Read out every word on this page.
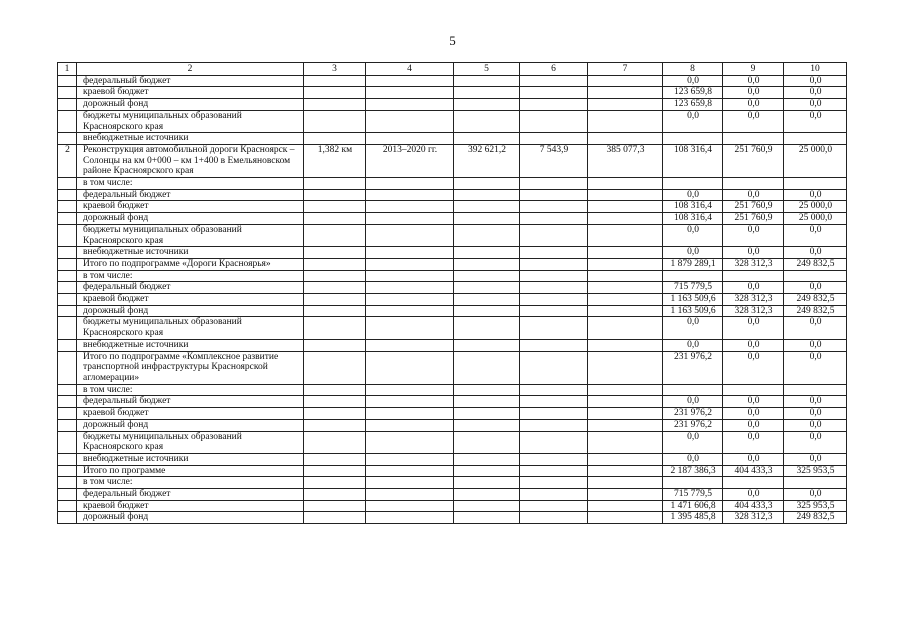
5
1	2	3	4	5	6	7	8	9	10
	федеральный бюджет						0,0	0,0	0,0
	краевой бюджет						123 659,8	0,0	0,0
	дорожный фонд						123 659,8	0,0	0,0
	бюджеты муниципальных образований Красноярского края						0,0	0,0	0,0
	внебюджетные источники								
2	Реконструкция автомобильной дороги Красноярск – Солонцы на км 0+000 – км 1+400 в Емельяновском районе Красноярского края	1,382 км	2013–2020 гг.	392 621,2	7 543,9	385 077,3	108 316,4	251 760,9	25 000,0
	в том числе:								
	федеральный бюджет						0,0	0,0	0,0
	краевой бюджет						108 316,4	251 760,9	25 000,0
	дорожный фонд						108 316,4	251 760,9	25 000,0
	бюджеты муниципальных образований Красноярского края						0,0	0,0	0,0
	внебюджетные источники						0,0	0,0	0,0
	Итого по подпрограмме «Дороги Красноярья»						1 879 289,1	328 312,3	249 832,5
	в том числе:								
	федеральный бюджет						715 779,5	0,0	0,0
	краевой бюджет						1 163 509,6	328 312,3	249 832,5
	дорожный фонд						1 163 509,6	328 312,3	249 832,5
	бюджеты муниципальных образований Красноярского края						0,0	0,0	0,0
	внебюджетные источники						0,0	0,0	0,0
	Итого по подпрограмме «Комплексное развитие транспортной инфраструктуры Красноярской агломерации»						231 976,2	0,0	0,0
	в том числе:								
	федеральный бюджет						0,0	0,0	0,0
	краевой бюджет						231 976,2	0,0	0,0
	дорожный фонд						231 976,2	0,0	0,0
	бюджеты муниципальных образований Красноярского края						0,0	0,0	0,0
	внебюджетные источники						0,0	0,0	0,0
	Итого по программе						2 187 386,3	404 433,3	325 953,5
	в том числе:								
	федеральный бюджет						715 779,5	0,0	0,0
	краевой бюджет						1 471 606,8	404 433,3	325 953,5
	дорожный фонд						1 395 485,8	328 312,3	249 832,5
